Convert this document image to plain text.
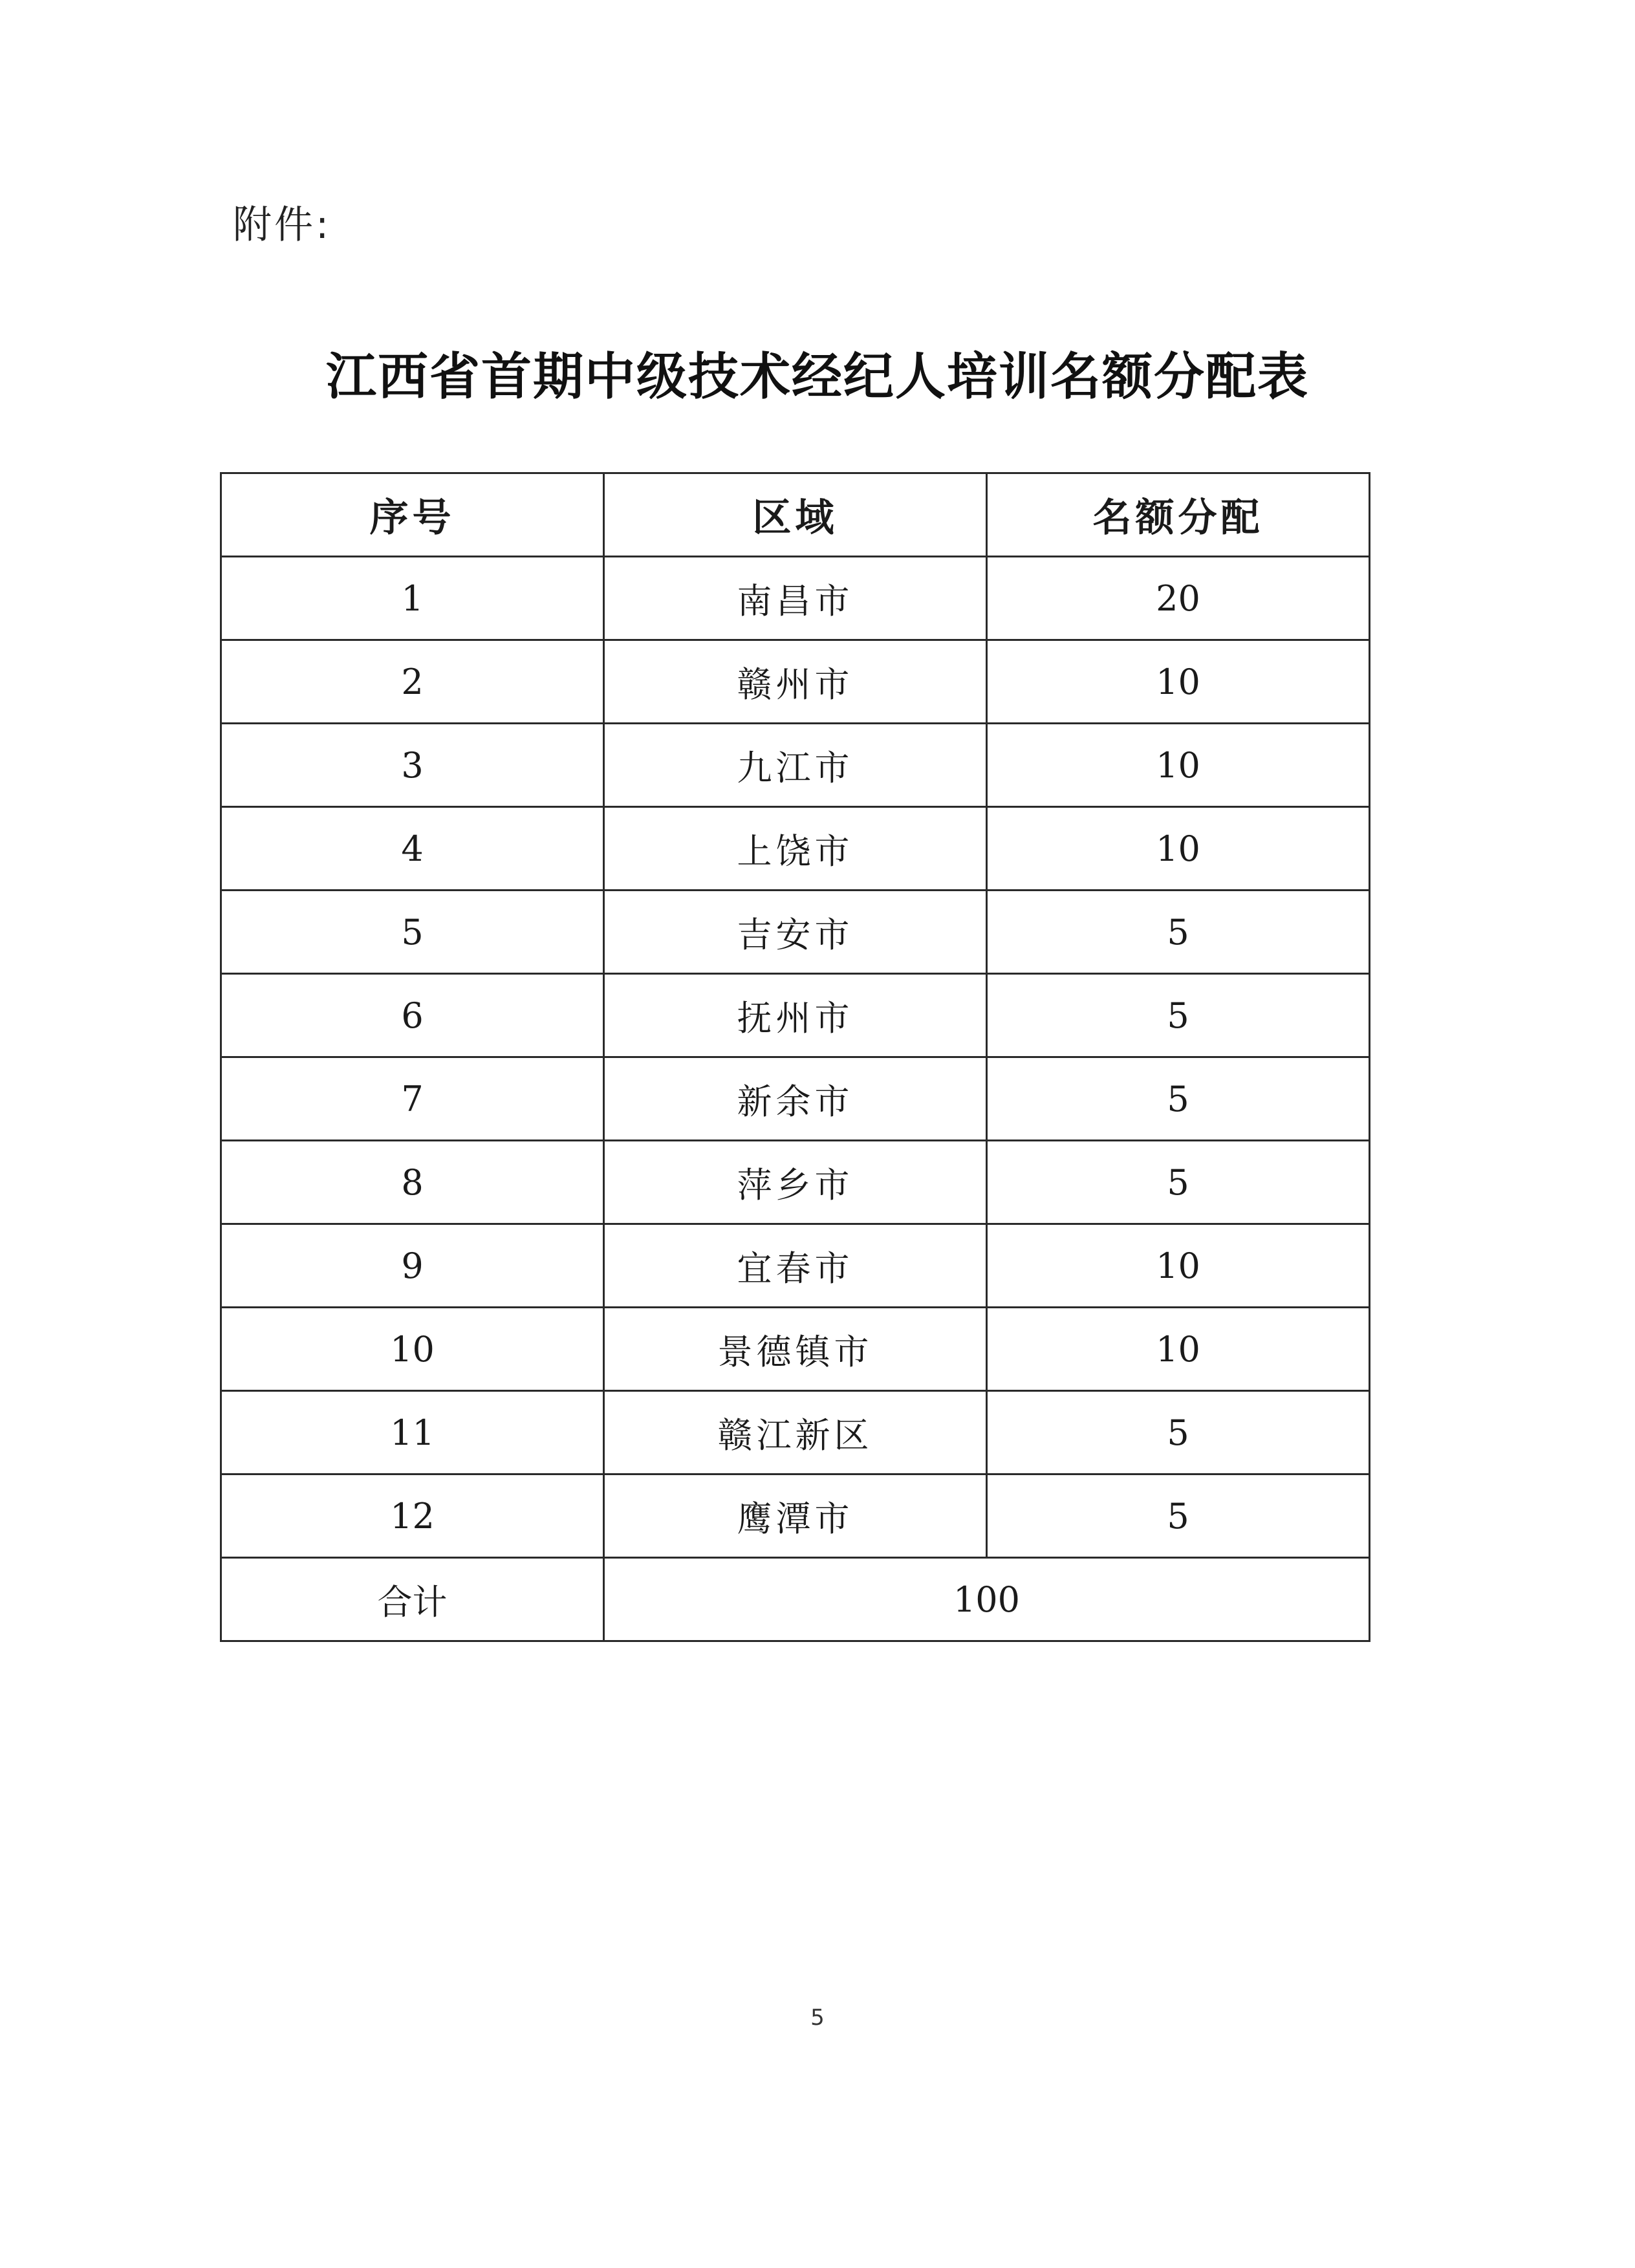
附件:
江西省首期中级技术经纪人培训名额分配表
序号	区域	名额分配
1	南昌市	20
2	赣州市	10
3	九江市	10
4	上饶市	10
5	吉安市	5
6	抚州市	5
7	新余市	5
8	萍乡市	5
9	宜春市	10
10	景德镇市	10
11	赣江新区	5
12	鹰潭市	5
合计	100	
5
